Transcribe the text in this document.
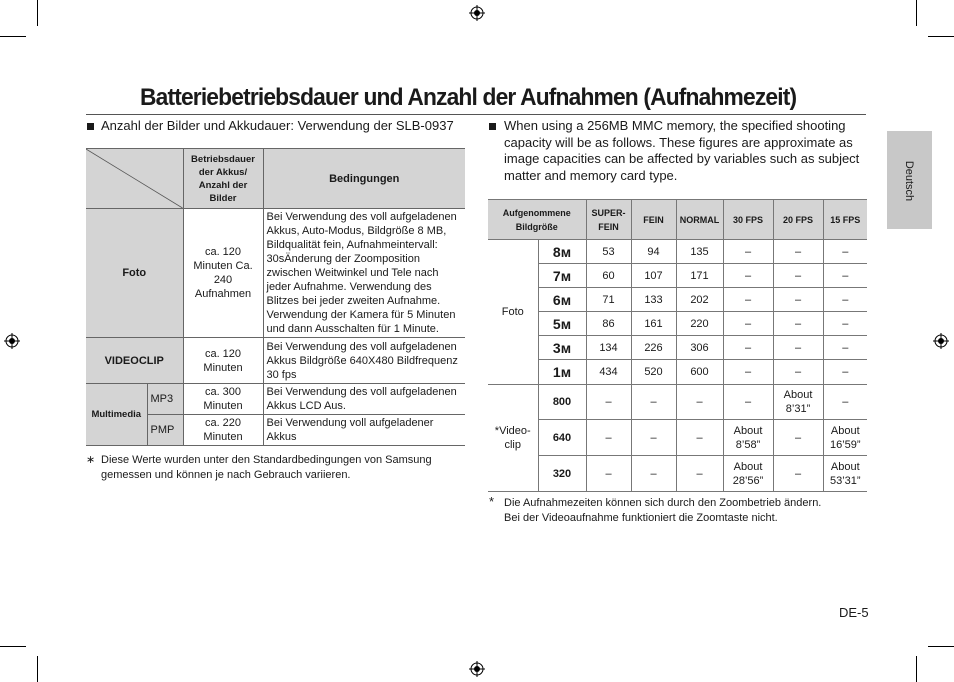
Batteriebetriebsdauer und Anzahl der Aufnahmen (Aufnahmezeit)
Deutsch
Anzahl der Bilder und Akkudauer: Verwendung der SLB-0937
	Betriebsdauer der Akkus/ Anzahl der Bilder	Bedingungen
Foto		ca. 120 Minuten Ca. 240 Aufnahmen	Bei Verwendung des voll aufgeladenen Akkus, Auto-Modus, Bildgröße 8 MB, Bildqualität fein, Aufnahmeintervall: 30sÄnderung der Zoomposition zwischen Weitwinkel und Tele nach jeder Aufnahme. Verwendung des Blitzes bei jeder zweiten Aufnahme. Verwendung der Kamera für 5 Minuten und dann Ausschalten für 1 Minute.
VIDEOCLIP		ca. 120 Minuten	Bei Verwendung des voll aufgeladenen Akkus Bildgröße 640X480 Bildfrequenz 30 fps
Multimedia	MP3	ca. 300 Minuten	Bei Verwendung des voll aufgeladenen Akkus LCD Aus.
	PMP	ca. 220 Minuten	Bei Verwendung voll aufgeladener Akkus
∗ Diese Werte wurden unter den Standardbedingungen von Samsung gemessen und können je nach Gebrauch variieren.
When using a 256MB MMC memory, the specified shooting capacity will be as follows. These figures are approximate as image capacities can be affected by variables such as subject matter and memory card type.
Aufgenommene Bildgröße		SUPER-FEIN	FEIN	NORMAL	30 FPS	20 FPS	15 FPS
Foto	8ᴍ	53	94	135	–	–	–
	7ᴍ	60	107	171	–	–	–
	6ᴍ	71	133	202	–	–	–
	5ᴍ	86	161	220	–	–	–
	3ᴍ	134	226	306	–	–	–
	1ᴍ	434	520	600	–	–	–
*Video-clip	800	–	–	–	–	About 8’31”	–
	640	–	–	–	About 8’58”	–	About 16’59”
	320	–	–	–	About 28’56”	–	About 53’31”
* Die Aufnahmezeiten können sich durch den Zoombetrieb ändern.
Bei der Videoaufnahme funktioniert die Zoomtaste nicht.
DE-5
